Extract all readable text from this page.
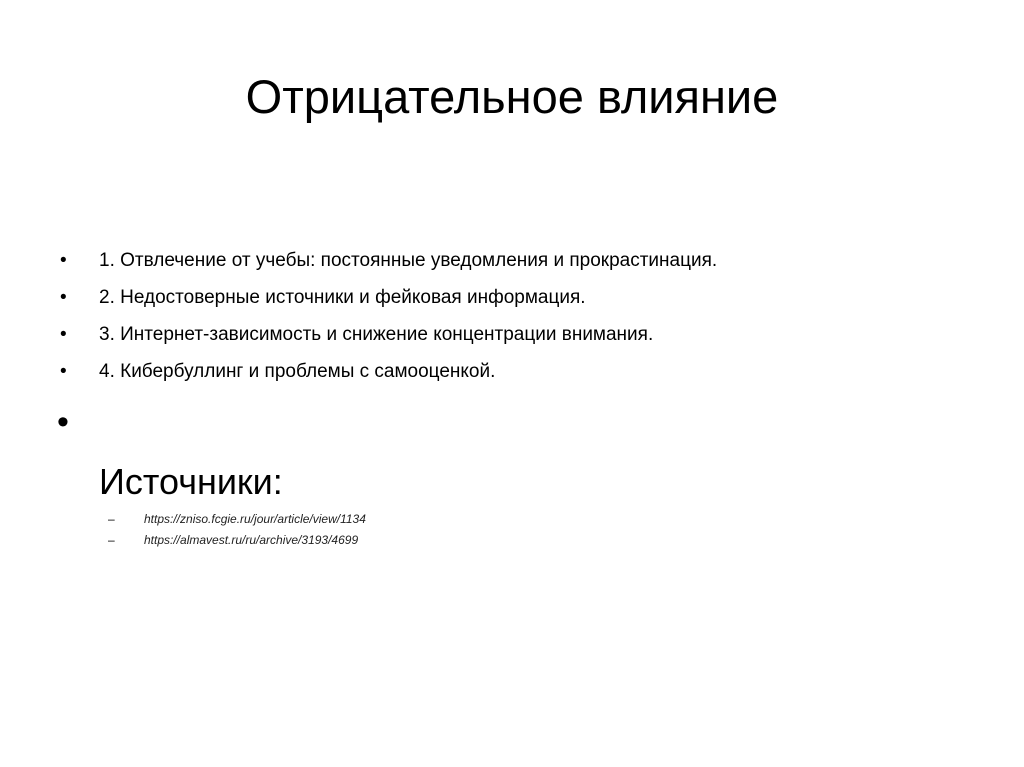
Отрицательное влияние
•	1. Отвлечение от учебы: постоянные уведомления и прокрастинация.
•	2. Недостоверные источники и фейковая информация.
•	3. Интернет-зависимость и снижение концентрации внимания.
•	4. Кибербуллинг и проблемы с самооценкой.
•
Источники:
– https://zniso.fcgie.ru/jour/article/view/1134
– https://almavest.ru/ru/archive/3193/4699
